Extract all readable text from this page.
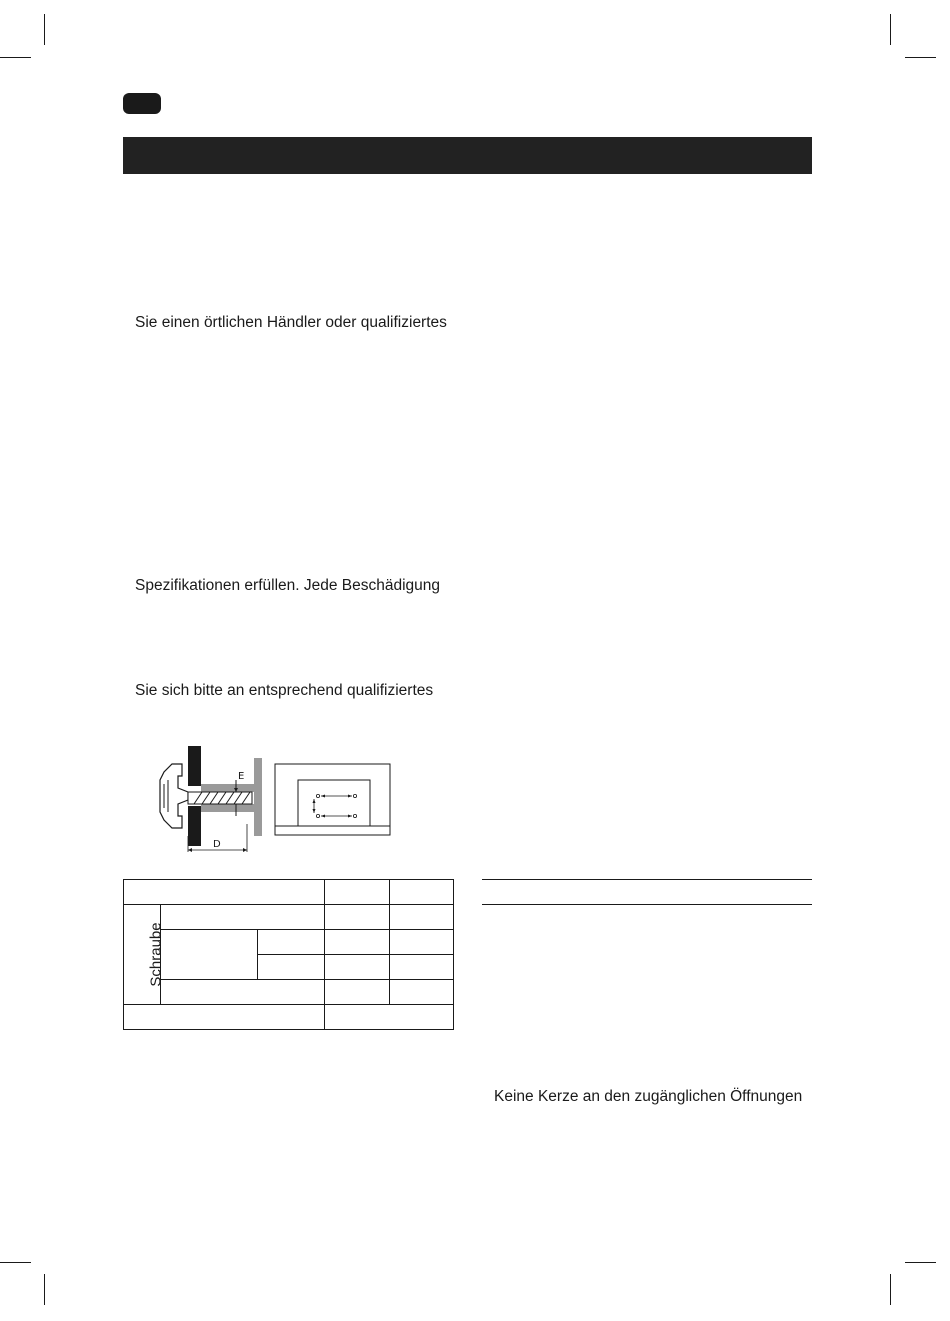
Sie einen örtlichen Händler oder qualifiziertes
Spezifikationen erfüllen. Jede Beschädigung
Sie sich bitte an entsprechend qualifiziertes
Keine Kerze an den zugänglichen Öffnungen
E
D

Schraube				
